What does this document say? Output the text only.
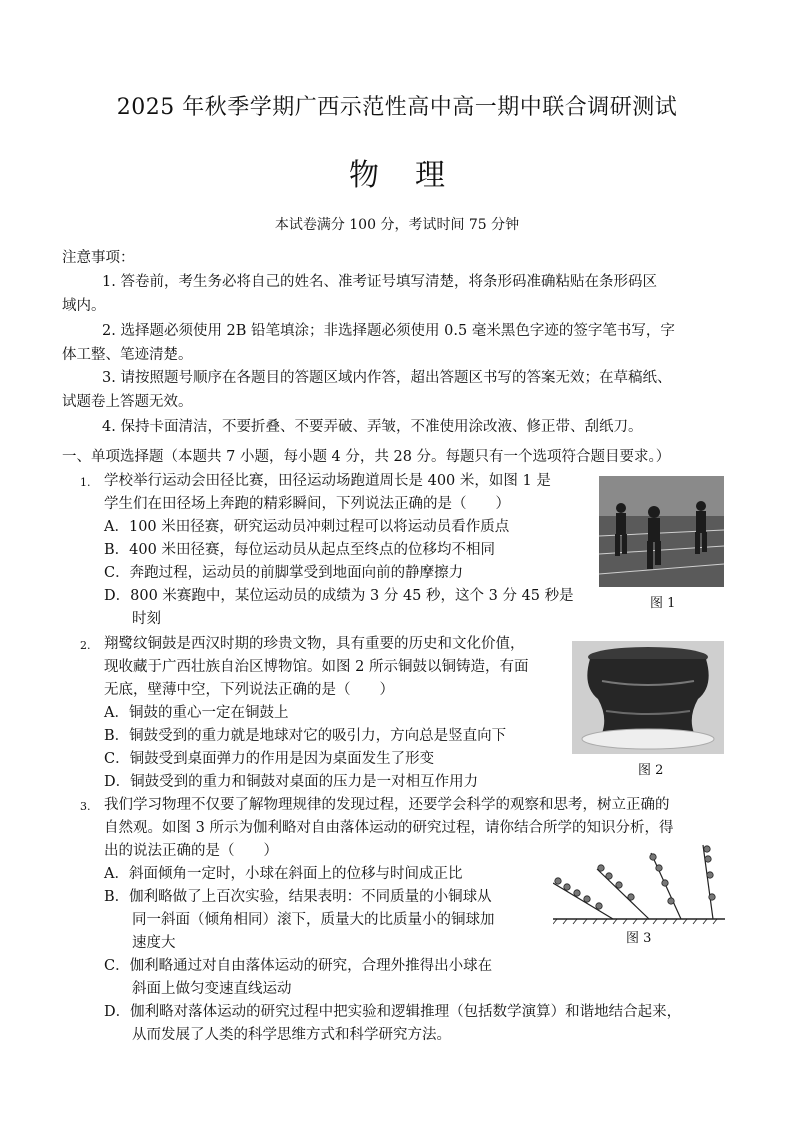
2025 年秋季学期广西示范性高中高一期中联合调研测试
物理
本试卷满分 100 分，考试时间 75 分钟
注意事项：
1. 答卷前，考生务必将自己的姓名、准考证号填写清楚，将条形码准确粘贴在条形码区
域内。
2. 选择题必须使用 2B 铅笔填涂；非选择题必须使用 0.5 毫米黑色字迹的签字笔书写，字
体工整、笔迹清楚。
3. 请按照题号顺序在各题目的答题区域内作答，超出答题区书写的答案无效；在草稿纸、
试题卷上答题无效。
4. 保持卡面清洁，不要折叠、不要弄破、弄皱，不准使用涂改液、修正带、刮纸刀。
一、单项选择题（本题共 7 小题，每小题 4 分，共 28 分。每题只有一个选项符合题目要求。）
1. 学校举行运动会田径比赛，田径运动场跑道周长是 400 米，如图 1 是
学生们在田径场上奔跑的精彩瞬间，下列说法正确的是（　　）
A．100 米田径赛，研究运动员冲刺过程可以将运动员看作质点
B．400 米田径赛，每位运动员从起点至终点的位移均不相同
C．奔跑过程，运动员的前脚掌受到地面向前的静摩擦力
D．800 米赛跑中，某位运动员的成绩为 3 分 45 秒，这个 3 分 45 秒是
时刻
图 1
2. 翔鹭纹铜鼓是西汉时期的珍贵文物，具有重要的历史和文化价值，
现收藏于广西壮族自治区博物馆。如图 2 所示铜鼓以铜铸造，有面
无底，壁薄中空，下列说法正确的是（　　）
A．铜鼓的重心一定在铜鼓上
B．铜鼓受到的重力就是地球对它的吸引力，方向总是竖直向下
C．铜鼓受到桌面弹力的作用是因为桌面发生了形变
D．铜鼓受到的重力和铜鼓对桌面的压力是一对相互作用力
图 2
3. 我们学习物理不仅要了解物理规律的发现过程，还要学会科学的观察和思考，树立正确的
自然观。如图 3 所示为伽利略对自由落体运动的研究过程，请你结合所学的知识分析，得
出的说法正确的是（　　）
A．斜面倾角一定时，小球在斜面上的位移与时间成正比
B．伽利略做了上百次实验，结果表明：不同质量的小铜球从
同一斜面（倾角相同）滚下，质量大的比质量小的铜球加
速度大
C．伽利略通过对自由落体运动的研究，合理外推得出小球在
斜面上做匀变速直线运动
D．伽利略对落体运动的研究过程中把实验和逻辑推理（包括数学演算）和谐地结合起来，
从而发展了人类的科学思维方式和科学研究方法。
图 3
